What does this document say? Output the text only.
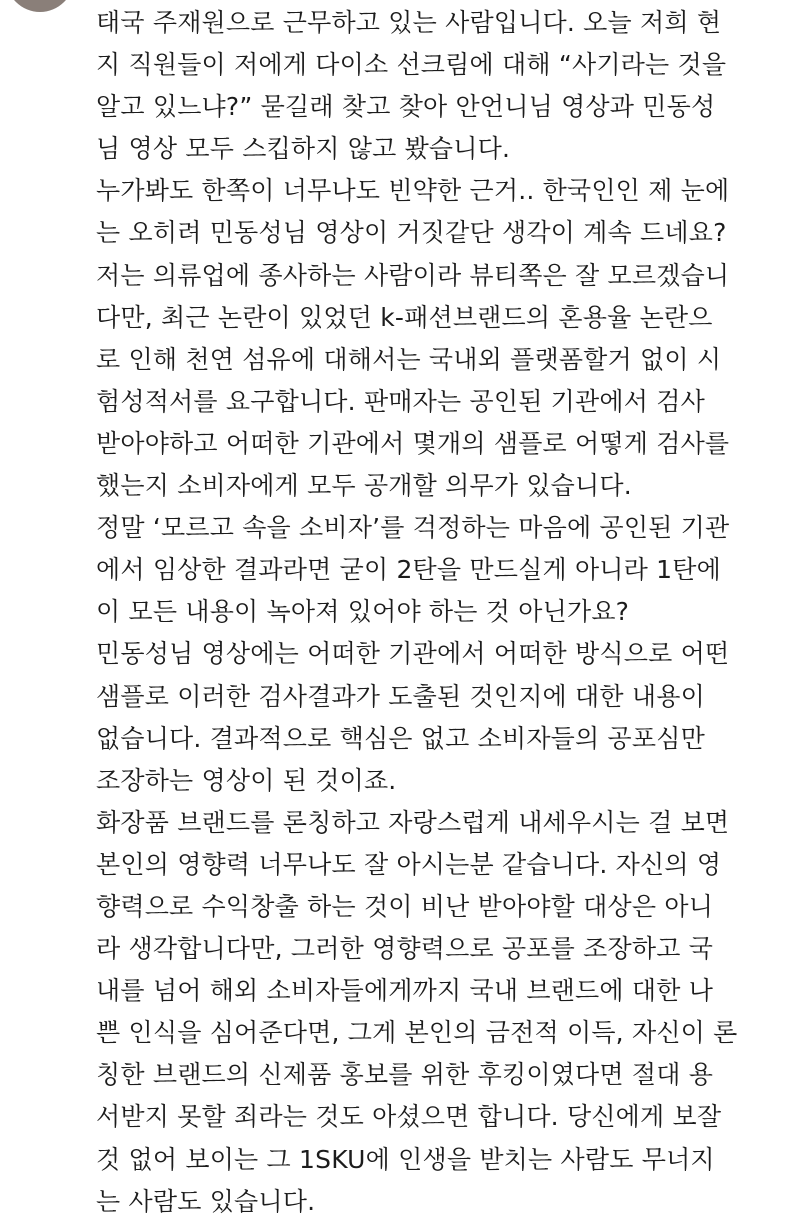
태국 주재원으로 근무하고 있는 사람입니다. 오늘 저희 현
지 직원들이 저에게 다이소 선크림에 대해 “사기라는 것을
알고 있느냐?” 묻길래 찾고 찾아 안언니님 영상과 민동성
님 영상 모두 스킵하지 않고 봤습니다.
누가봐도 한쪽이 너무나도 빈약한 근거.. 한국인인 제 눈에
는 오히려 민동성님 영상이 거짓같단 생각이 계속 드네요?
저는 의류업에 종사하는 사람이라 뷰티쪽은 잘 모르겠습니
다만, 최근 논란이 있었던 k-패션브랜드의 혼용율 논란으
로 인해 천연 섬유에 대해서는 국내외 플랫폼할거 없이 시
험성적서를 요구합니다. 판매자는 공인된 기관에서 검사
받아야하고 어떠한 기관에서 몇개의 샘플로 어떻게 검사를
했는지 소비자에게 모두 공개할 의무가 있습니다.
정말 ‘모르고 속을 소비자’를 걱정하는 마음에 공인된 기관
에서 임상한 결과라면 굳이 2탄을 만드실게 아니라 1탄에
이 모든 내용이 녹아져 있어야 하는 것 아닌가요?
민동성님 영상에는 어떠한 기관에서 어떠한 방식으로 어떤
샘플로 이러한 검사결과가 도출된 것인지에 대한 내용이
없습니다. 결과적으로 핵심은 없고 소비자들의 공포심만
조장하는 영상이 된 것이죠.
화장품 브랜드를 론칭하고 자랑스럽게 내세우시는 걸 보면
본인의 영향력 너무나도 잘 아시는분 같습니다. 자신의 영
향력으로 수익창출 하는 것이 비난 받아야할 대상은 아니
라 생각합니다만, 그러한 영향력으로 공포를 조장하고 국
내를 넘어 해외 소비자들에게까지 국내 브랜드에 대한 나
쁜 인식을 심어준다면, 그게 본인의 금전적 이득, 자신이 론
칭한 브랜드의 신제품 홍보를 위한 후킹이였다면 절대 용
서받지 못할 죄라는 것도 아셨으면 합니다. 당신에게 보잘
것 없어 보이는 그 1SKU에 인생을 받치는 사람도 무너지
는 사람도 있습니다.
